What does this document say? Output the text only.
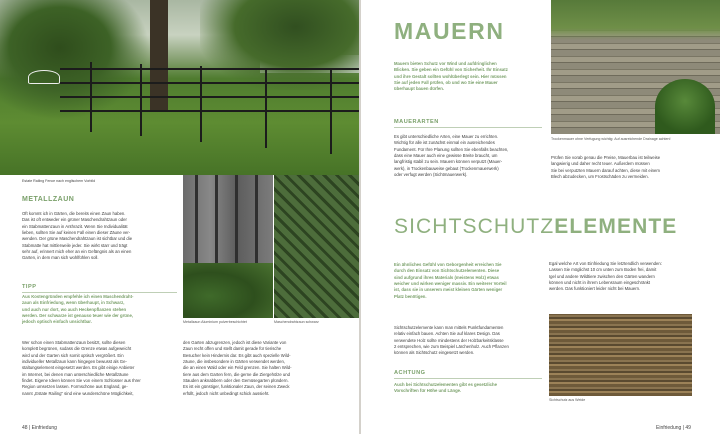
Estate Railing Fence nach englischem Vorbild
METALLZAUN
Oft kommt ich in Gärten, die bereits einen Zaun haben.
Das ist oft entweder ein grüner Maschendrahtzaun oder
ein Stabmattenzaun in Anthrazit. Wenn Sie Individualität
lieben, sollten Sie auf keinen Fall einen dieser Zäune ver-
wenden. Der grüne Maschendrahtzaun ist sichtbar und die
Stabmatte hat mittlerweile jeder. Sie wirkt starr und trägt
sehr auf, erinnert mich eher an ein Gefängnis als an einen
Garten, in dem man sich wohlfühlen soll.
TIPP
Aus Kostengründen empfehle ich einen Maschendraht-
zaun als Einfriedung, wenn überhaupt, in Schwarz,
und auch nur dort, wo auch Heckenpflanzen stehen
werden. Der schwarze ist genauso teuer wie der grüne,
jedoch optisch einfach unsichtbar.
Wer schon einen Stabmattenzaun besitzt, sollte diesen
komplett begrünen, sodass die Grenze etwas aufgeweicht
wird und der Garten sich somit optisch vergrößert. Ein
individueller Metallzaun kann hingegen bewusst als Ge-
staltungselement eingesetzt werden. Es gibt einige Anbieter
im Internet, bei denen man unterschiedliche Metallzäune
findet. Eigene Ideen können Sie von einem Schlosser aus Ihrer
Region umsetzen lassen. Formschöne aus England, ge-
nannt „Estate Railing" sind eine wunderschöne Möglichkeit,
Metallzaun Aluminium pulverbeschichtet	Maschendrahtzaun schwarz
den Garten abzugrenzen, jedoch ist diese Variante von
Zaun recht offen und stellt damit gerade für tierische
Besucher kein Hindernis dar. Es gibt auch spezielle Wild-
zäune, die insbesondere in Gärten verwendet werden,
die an einen Wald oder ein Feld grenzen. Sie halten Wild-
tiere aus dem Garten fern, die gerne die Ziergehölze und
Stauden anknabbern oder den Gemüsegarten plündern.
Es ist ein günstiger, funktionaler Zaun, der seinen Zweck
erfüllt, jedoch nicht unbedingt schick aussieht.
48 | Einfriedung
MAUERN
Mauern bieten Schutz vor Wind und aufdringlichen
Blicken. Sie geben ein Gefühl von Sicherheit. Ihr Einsatz
und ihre Gestalt sollten wohlüberlegt sein. Hier müssen
Sie auf jeden Fall prüfen, ob und wo Sie eine Mauer
überhaupt bauen dürfen.
MAUERARTEN
Es gibt unterschiedliche Arten, eine Mauer zu errichten.
Wichtig für alle ist zunächst einmal ein ausreichendes
Fundament. Für Ihre Planung sollten Sie ebenfalls beachten,
dass eine Mauer auch eine gewisse Breite braucht, um
langfristig stabil zu sein. Mauern können verputzt (Mauer-
werk), in Trockenbauweise gebaut (Trockenmauerwerk)
oder verfugt werden (Sichtmauerwerk).
Trockenmauer ohne Verfugung wichtig: Auf ausreichende Drainage achten!
Prüfen Sie vorab genau die Preise, Mauerbau ist teilweise
langwierig und daher recht teuer. Außerdem müssen
Sie bei verputzten Mauern darauf achten, diese mit einem
Blech abzudecken, um Frostschäden zu vermeiden.
SICHTSCHUTZELEMENTE
Ein ähnliches Gefühl von Geborgenheit erreichen Sie
durch den Einsatz von Sichtschutzelementen. Diese
sind aufgrund ihres Materials (meistens Holz) etwas
weicher und wirken weniger massiv. Ein weiterer Vorteil
ist, dass sie in unserem meist kleinen Gärten weniger
Platz benötigen.
Sichtschutzelemente kann man mittels Punktfundamenten
relativ einfach bauen. Achten Sie auf klares Design. Das
verwendete Holz sollte mindestens der Holzbarkeitsklasse
2 entsprechen, wie zum Beispiel Lärchenholz. Auch Pflanzen
können als Sichtschutz eingesetzt werden.
ACHTUNG
Auch bei Sichtschutzelementen gibt es gesetzliche
Vorschriften für Höhe und Länge.
Egal welche Art von Einfriedung Sie letztendlich verwenden:
Lassen Sie möglichst 10 cm unten zum Boden frei, damit
Igel und andere Wildtiere zwischen den Gärten wandern
können und nicht in ihrem Lebensraum eingeschränkt
werden. Das funktioniert leider nicht bei Mauern.
Sichtschutz aus Weide
Einfriedung | 49
